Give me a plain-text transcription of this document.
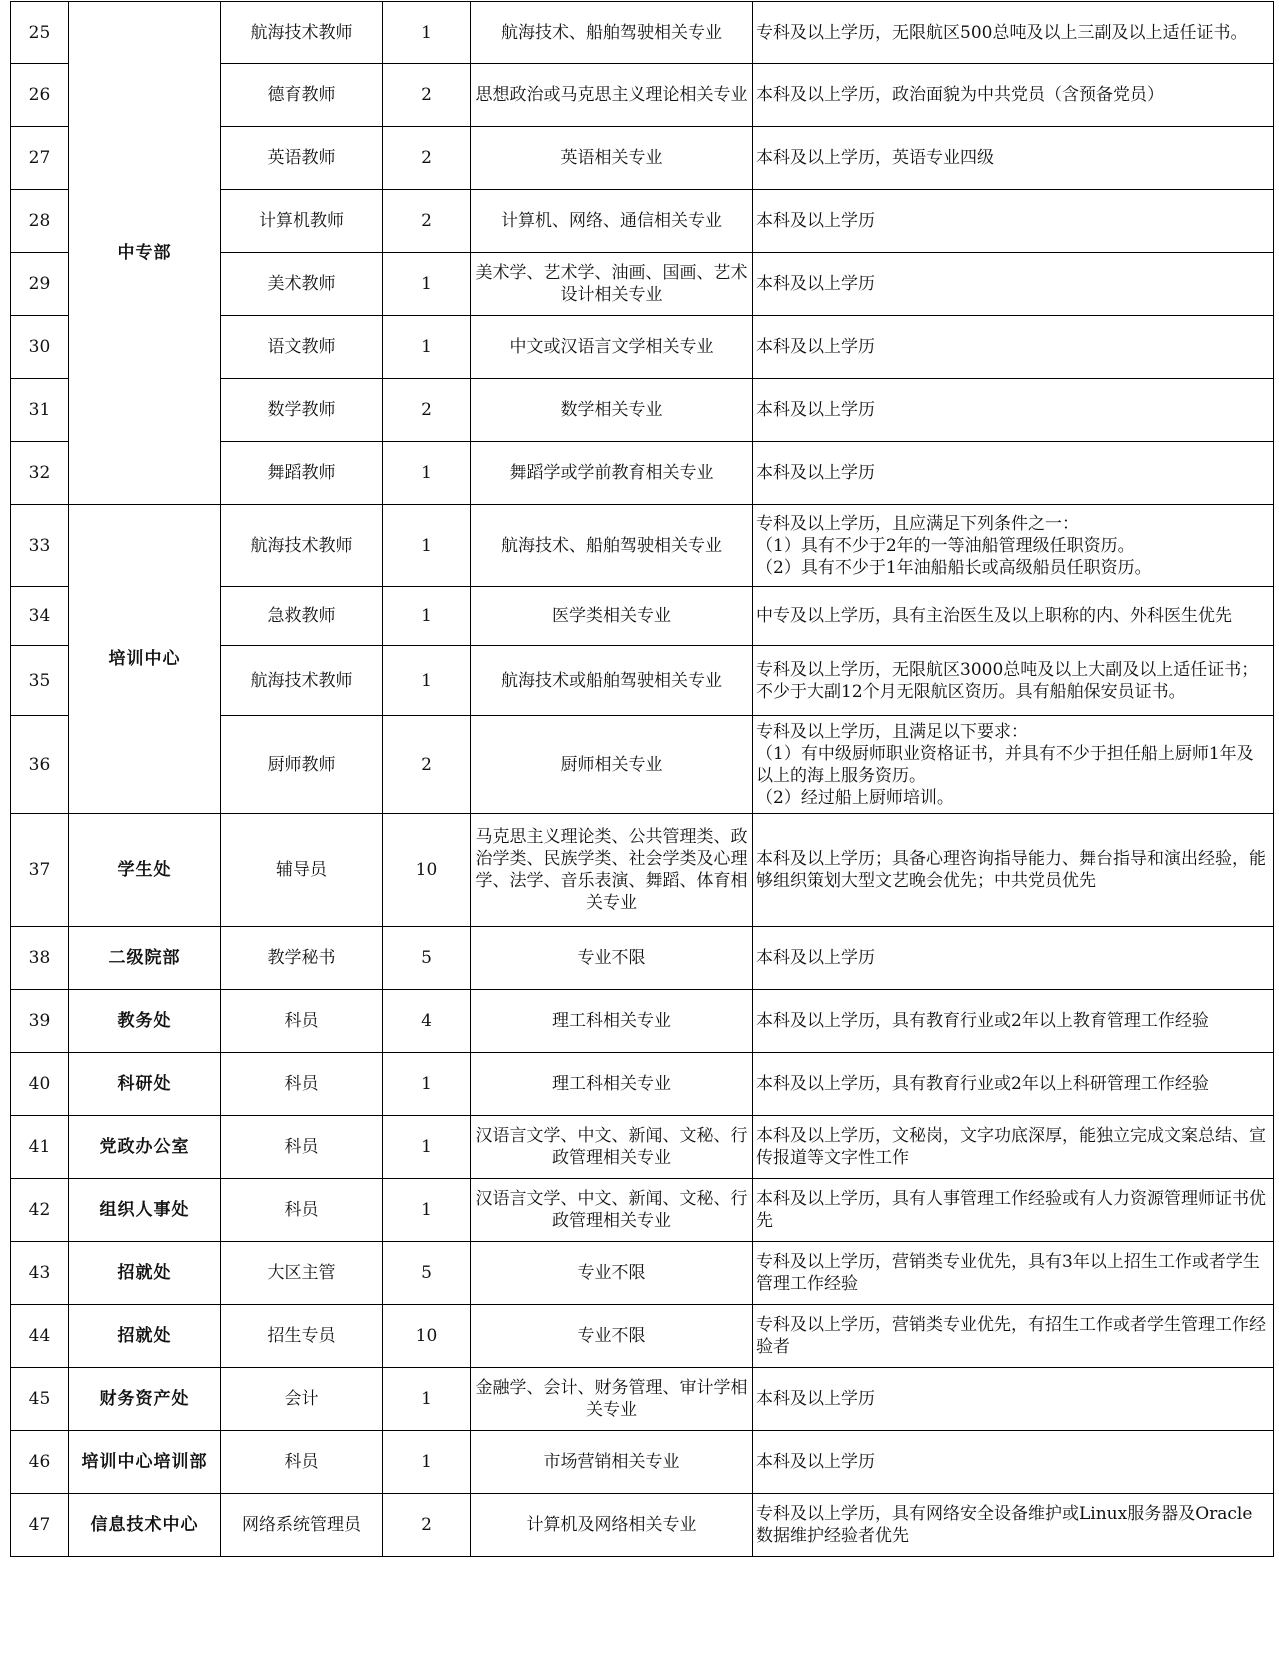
25	中专部	航海技术教师	1	航海技术、船舶驾驶相关专业	专科及以上学历，无限航区500总吨及以上三副及以上适任证书。

26		德育教师	2	思想政治或马克思主义理论相关专业	本科及以上学历，政治面貌为中共党员（含预备党员）

27		英语教师	2	英语相关专业	本科及以上学历，英语专业四级

28		计算机教师	2	计算机、网络、通信相关专业	本科及以上学历

29		美术教师	1	美术学、艺术学、油画、国画、艺术设计相关专业	本科及以上学历

30		语文教师	1	中文或汉语言文学相关专业	本科及以上学历

31		数学教师	2	数学相关专业	本科及以上学历

32		舞蹈教师	1	舞蹈学或学前教育相关专业	本科及以上学历

33	培训中心	航海技术教师	1	航海技术、船舶驾驶相关专业	专科及以上学历，且应满足下列条件之一：
（1）具有不少于2年的一等油船管理级任职资历。
（2）具有不少于1年油船船长或高级船员任职资历。

34		急救教师	1	医学类相关专业	中专及以上学历，具有主治医生及以上职称的内、外科医生优先

35		航海技术教师	1	航海技术或船舶驾驶相关专业	专科及以上学历，无限航区3000总吨及以上大副及以上适任证书；不少于大副12个月无限航区资历。具有船舶保安员证书。

36		厨师教师	2	厨师相关专业	专科及以上学历，且满足以下要求：
（1）有中级厨师职业资格证书，并具有不少于担任船上厨师1年及以上的海上服务资历。
（2）经过船上厨师培训。

37	学生处	辅导员	10	马克思主义理论类、公共管理类、政治学类、民族学类、社会学类及心理学、法学、音乐表演、舞蹈、体育相关专业	本科及以上学历；具备心理咨询指导能力、舞台指导和演出经验，能够组织策划大型文艺晚会优先；中共党员优先

38	二级院部	教学秘书	5	专业不限	本科及以上学历

39	教务处	科员	4	理工科相关专业	本科及以上学历，具有教育行业或2年以上教育管理工作经验

40	科研处	科员	1	理工科相关专业	本科及以上学历，具有教育行业或2年以上科研管理工作经验

41	党政办公室	科员	1	汉语言文学、中文、新闻、文秘、行政管理相关专业	本科及以上学历，文秘岗，文字功底深厚，能独立完成文案总结、宣传报道等文字性工作

42	组织人事处	科员	1	汉语言文学、中文、新闻、文秘、行政管理相关专业	本科及以上学历，具有人事管理工作经验或有人力资源管理师证书优先

43	招就处	大区主管	5	专业不限	专科及以上学历，营销类专业优先，具有3年以上招生工作或者学生管理工作经验

44	招就处	招生专员	10	专业不限	专科及以上学历，营销类专业优先，有招生工作或者学生管理工作经验者

45	财务资产处	会计	1	金融学、会计、财务管理、审计学相关专业	本科及以上学历

46	培训中心培训部	科员	1	市场营销相关专业	本科及以上学历

47	信息技术中心	网络系统管理员	2	计算机及网络相关专业	专科及以上学历，具有网络安全设备维护或Linux服务器及Oracle数据维护经验者优先
